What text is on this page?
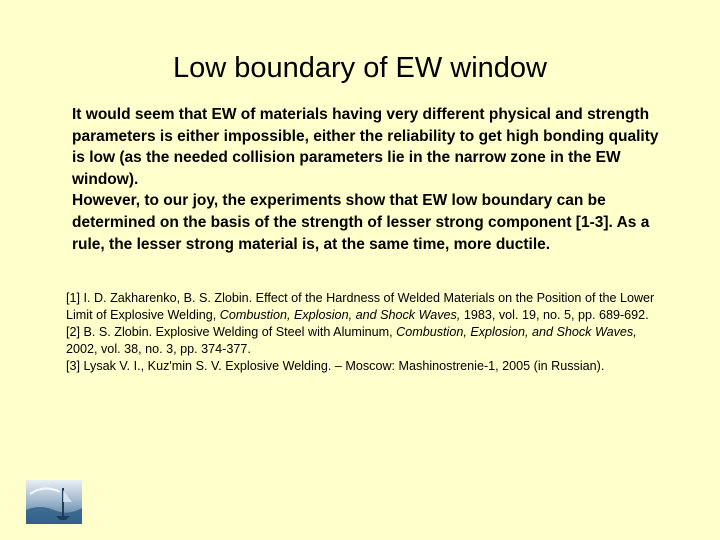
Low boundary of EW window

It would seem that EW of materials having very different physical and strength parameters is either impossible, either the reliability to get high bonding quality is low (as the needed collision parameters lie in the narrow zone in the EW window).

However, to our joy, the experiments show that EW low boundary can be determined on the basis of the strength of lesser strong component [1-3]. As a rule, the lesser strong material is, at the same time, more ductile.

[1] I. D. Zakharenko, B. S. Zlobin. Effect of the Hardness of Welded Materials on the Position of the Lower Limit of Explosive Welding, Combustion, Explosion, and Shock Waves, 1983, vol. 19, no. 5, pp. 689-692.

[2] B. S. Zlobin. Explosive Welding of Steel with Aluminum, Combustion, Explosion, and Shock Waves, 2002, vol. 38, no. 3, pp. 374-377.

[3] Lysak V. I., Kuz'min S. V. Explosive Welding. – Moscow: Mashinostrenie-1, 2005 (in Russian).
